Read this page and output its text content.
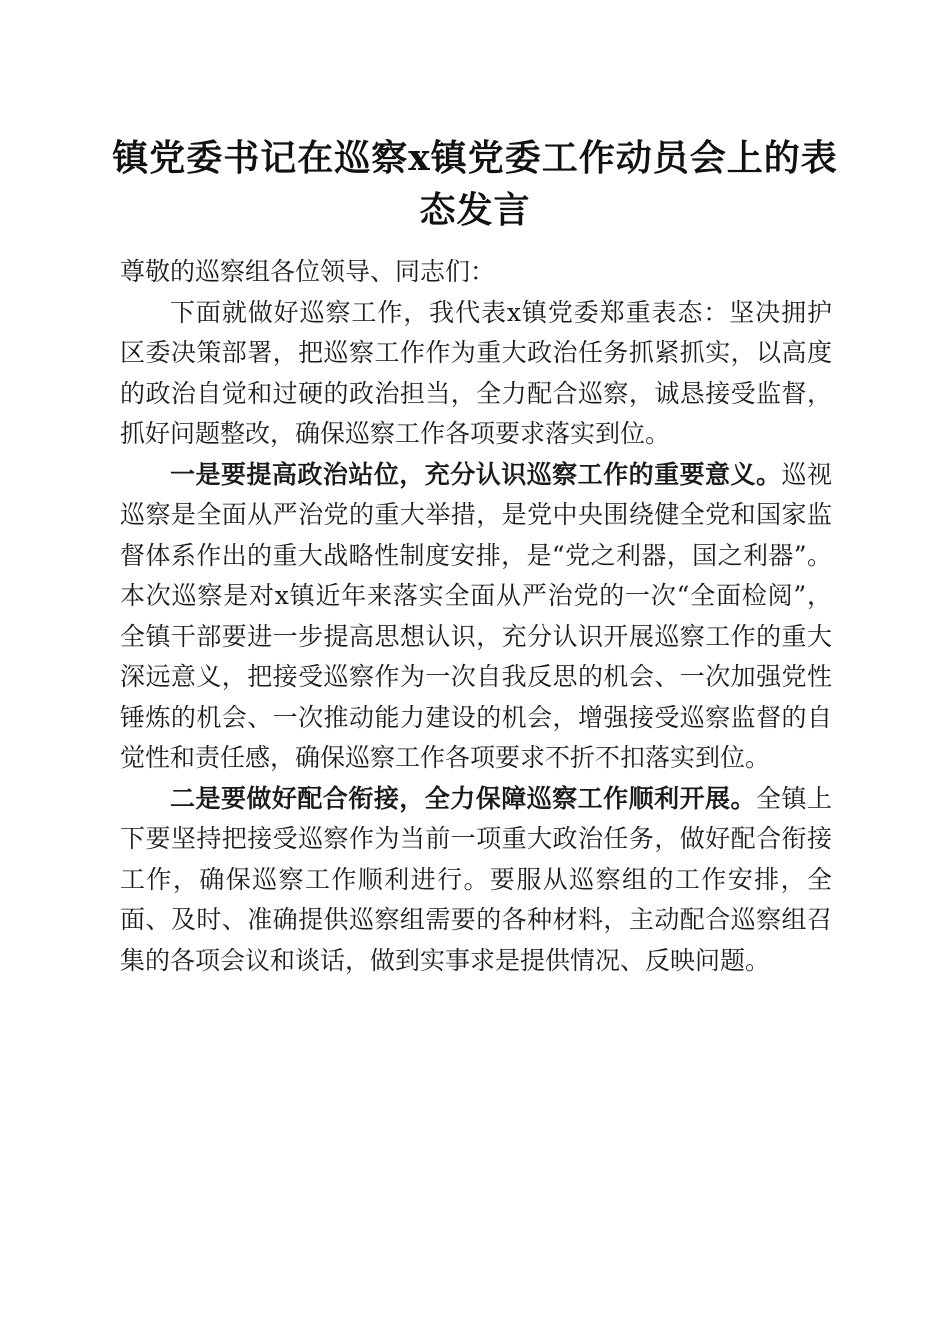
镇党委书记在巡察x镇党委工作动员会上的表态发言

尊敬的巡察组各位领导、同志们：

下面就做好巡察工作，我代表x镇党委郑重表态：坚决拥护区委决策部署，把巡察工作作为重大政治任务抓紧抓实，以高度的政治自觉和过硬的政治担当，全力配合巡察，诚恳接受监督，抓好问题整改，确保巡察工作各项要求落实到位。

一是要提高政治站位，充分认识巡察工作的重要意义。巡视巡察是全面从严治党的重大举措，是党中央围绕健全党和国家监督体系作出的重大战略性制度安排，是“党之利器，国之利器”。本次巡察是对x镇近年来落实全面从严治党的一次“全面检阅”，全镇干部要进一步提高思想认识，充分认识开展巡察工作的重大深远意义，把接受巡察作为一次自我反思的机会、一次加强党性锤炼的机会、一次推动能力建设的机会，增强接受巡察监督的自觉性和责任感，确保巡察工作各项要求不折不扣落实到位。

二是要做好配合衔接，全力保障巡察工作顺利开展。全镇上下要坚持把接受巡察作为当前一项重大政治任务，做好配合衔接工作，确保巡察工作顺利进行。要服从巡察组的工作安排，全面、及时、准确提供巡察组需要的各种材料，主动配合巡察组召集的各项会议和谈话，做到实事求是提供情况、反映问题。
